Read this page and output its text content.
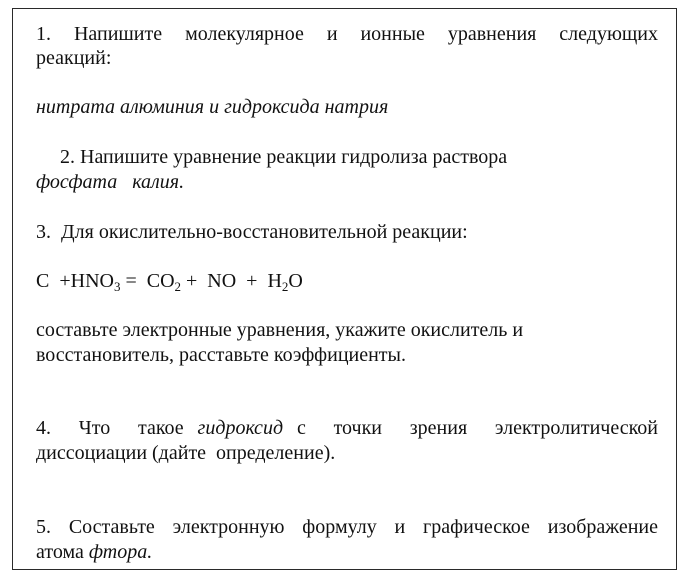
1. Напишите молекулярное и ионные уравнения следующих
реакций:
нитрата алюминия и гидроксида натрия
2. Напишите уравнение реакции гидролиза раствора
фосфата   калия.
3.  Для окислительно-восстановительной реакции:
$C +HNO_3 = CO_2$ +  NO  +  $H_2O$
составьте электронные уравнения, укажите окислитель и
восстановитель, расставьте коэффициенты.
4.  Что  такое гидроксид с  точки  зрения  электролитической
диссоциации (дайте  определение).
5.  Составьте  электронную  формулу  и  графическое  изображение
атома фтора.
